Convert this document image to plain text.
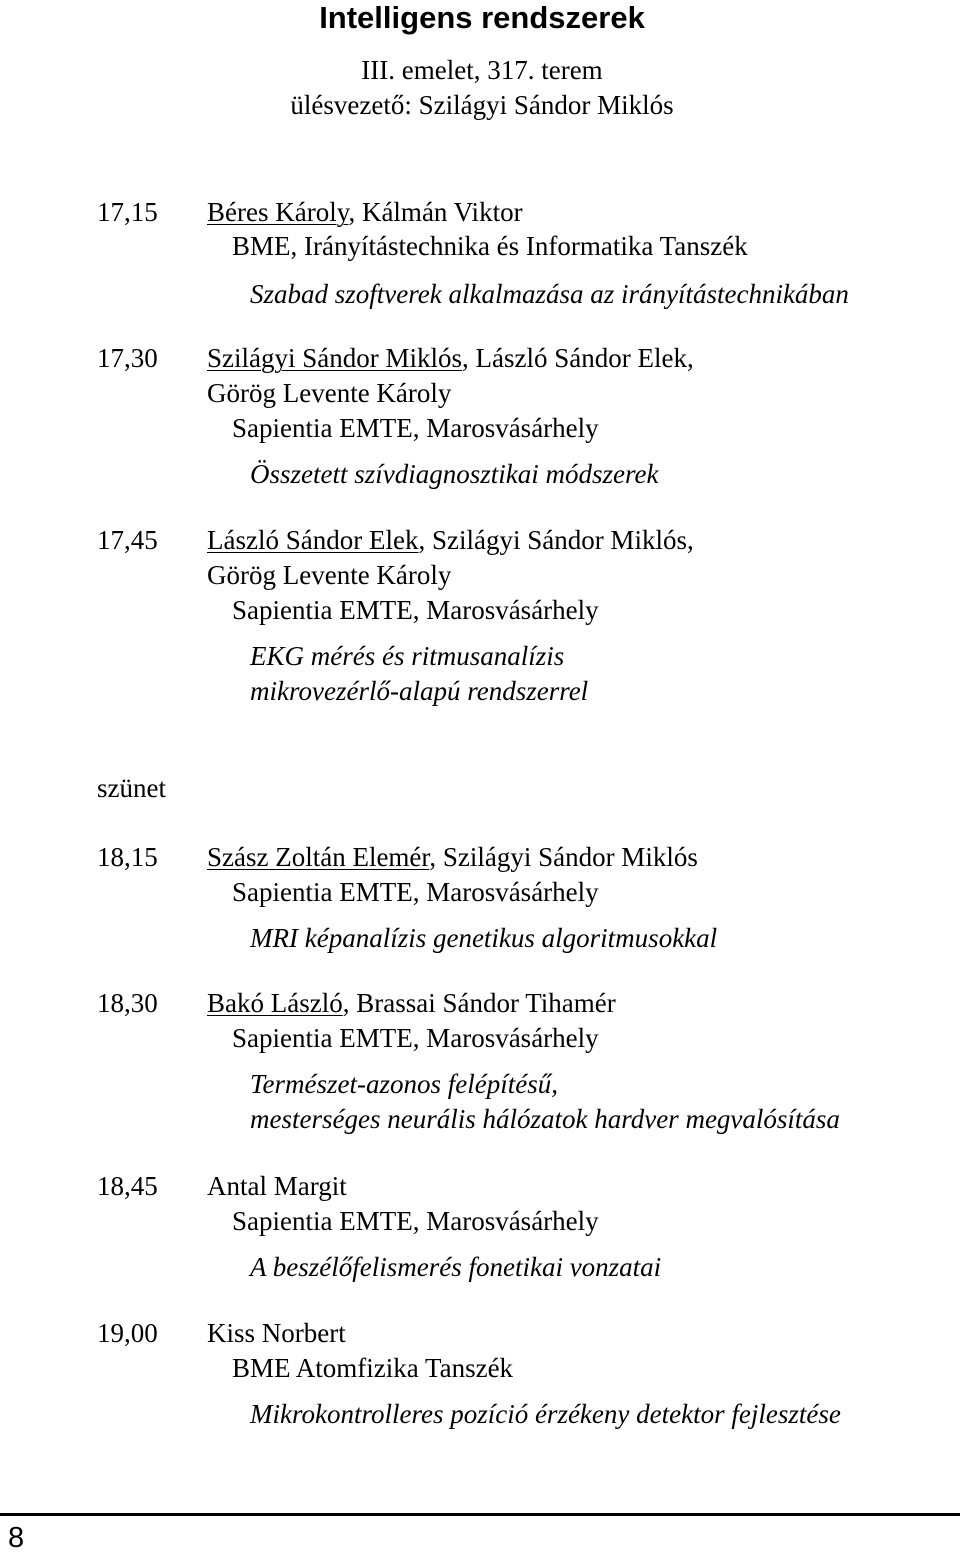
Intelligens rendszerek
III. emelet, 317. terem
ülésvezető: Szilágyi Sándor Miklós
17,15 Béres Károly, Kálmán Viktor
BME, Irányítástechnika és Informatika Tanszék
Szabad szoftverek alkalmazása az irányítástechnikában
17,30 Szilágyi Sándor Miklós, László Sándor Elek,
Görög Levente Károly
Sapientia EMTE, Marosvásárhely
Összetett szívdiagnosztikai módszerek
17,45 László Sándor Elek, Szilágyi Sándor Miklós,
Görög Levente Károly
Sapientia EMTE, Marosvásárhely
EKG mérés és ritmusanalízis
mikrovezérlő-alapú rendszerrel
szünet
18,15 Szász Zoltán Elemér, Szilágyi Sándor Miklós
Sapientia EMTE, Marosvásárhely
MRI képanalízis genetikus algoritmusokkal
18,30 Bakó László, Brassai Sándor Tihamér
Sapientia EMTE, Marosvásárhely
Természet-azonos felépítésű,
mesterséges neurális hálózatok hardver megvalósítása
18,45 Antal Margit
Sapientia EMTE, Marosvásárhely
A beszélőfelismerés fonetikai vonzatai
19,00 Kiss Norbert
BME Atomfizika Tanszék
Mikrokontrolleres pozíció érzékeny detektor fejlesztése
8
